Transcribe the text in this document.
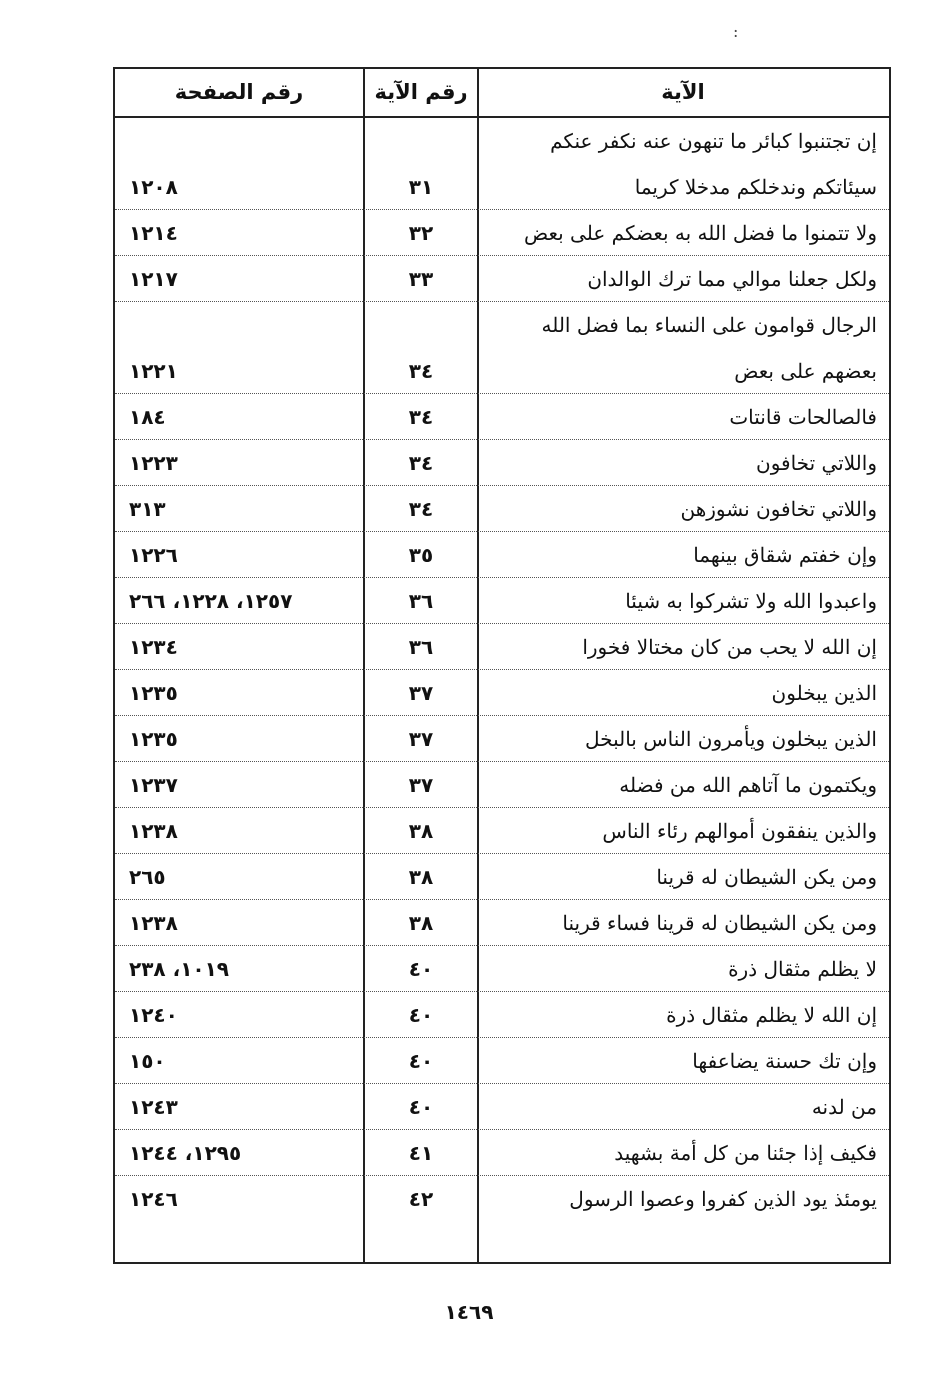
:
الآية
رقم الآية
رقم الصفحة
إن تجتنبوا كبائر ما تنهون عنه نكفر عنكم
سيئاتكم وندخلكم مدخلا كريما
٣١
١٢٠٨
ولا تتمنوا ما فضل الله به بعضكم على بعض
٣٢
١٢١٤
ولكل جعلنا موالي مما ترك الوالدان
٣٣
١٢١٧
الرجال قوامون على النساء بما فضل الله
بعضهم على بعض
٣٤
١٢٢١
فالصالحات قانتات
٣٤
١٨٤
واللاتي تخافون
٣٤
١٢٢٣
واللاتي تخافون نشوزهن
٣٤
٣١٣
وإن خفتم شقاق بينهما
٣٥
١٢٢٦
واعبدوا الله ولا تشركوا به شيئا
٣٦
١٢٥٧، ١٢٢٨، ٢٦٦
إن الله لا يحب من كان مختالا فخورا
٣٦
١٢٣٤
الذين يبخلون
٣٧
١٢٣٥
الذين يبخلون ويأمرون الناس بالبخل
٣٧
١٢٣٥
ويكتمون ما آتاهم الله من فضله
٣٧
١٢٣٧
والذين ينفقون أموالهم رئاء الناس
٣٨
١٢٣٨
ومن يكن الشيطان له قرينا
٣٨
٢٦٥
ومن يكن الشيطان له قرينا فساء قرينا
٣٨
١٢٣٨
لا يظلم مثقال ذرة
٤٠
١٠١٩، ٢٣٨
إن الله لا يظلم مثقال ذرة
٤٠
١٢٤٠
وإن تك حسنة يضاعفها
٤٠
١٥٠
من لدنه
٤٠
١٢٤٣
فكيف إذا جئنا من كل أمة بشهيد
٤١
١٢٩٥، ١٢٤٤
يومئذ يود الذين كفروا وعصوا الرسول
٤٢
١٢٤٦
١٤٦٩
